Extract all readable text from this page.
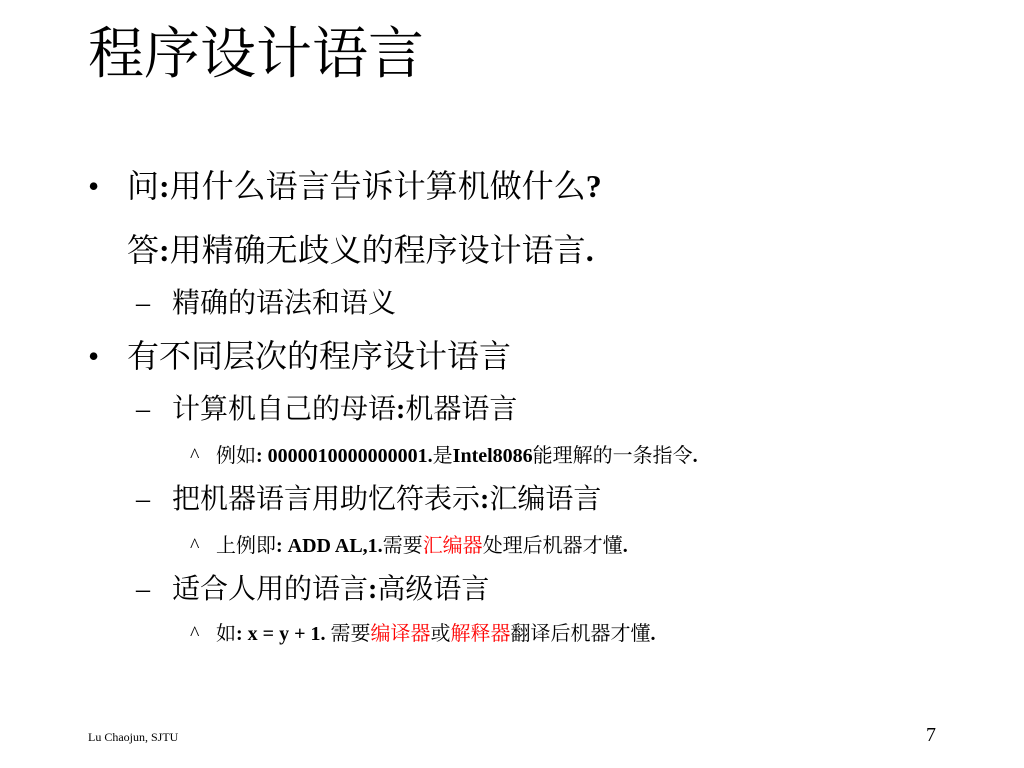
程序设计语言
• 问:用什么语言告诉计算机做什么?
答:用精确无歧义的程序设计语言.
– 精确的语法和语义
• 有不同层次的程序设计语言
– 计算机自己的母语:机器语言
^ 例如: 0000010000000001.是Intel8086能理解的一条指令.
– 把机器语言用助忆符表示:汇编语言
^ 上例即: ADD AL,1.需要汇编器处理后机器才懂.
– 适合人用的语言:高级语言
^ 如: x = y + 1. 需要编译器或解释器翻译后机器才懂.
Lu Chaojun, SJTU	7
